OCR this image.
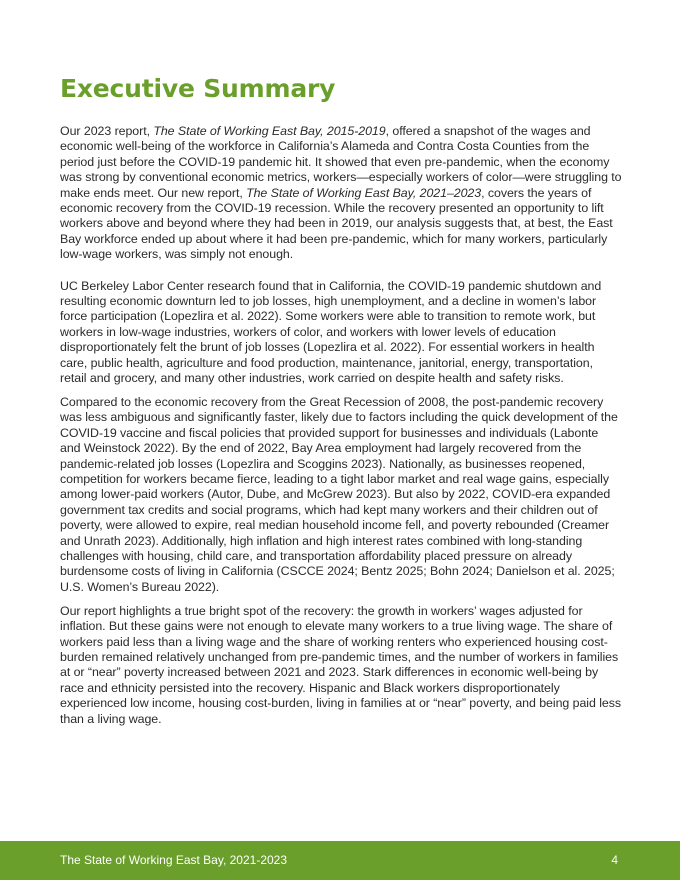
Executive Summary

Our 2023 report, The State of Working East Bay, 2015-2019, offered a snapshot of the wages and economic well-being of the workforce in California’s Alameda and Contra Costa Counties from the period just before the COVID-19 pandemic hit. It showed that even pre-pandemic, when the economy was strong by conventional economic metrics, workers—especially workers of color—were struggling to make ends meet. Our new report, The State of Working East Bay, 2021–2023, covers the years of economic recovery from the COVID-19 recession. While the recovery presented an opportunity to lift workers above and beyond where they had been in 2019, our analysis suggests that, at best, the East Bay workforce ended up about where it had been pre-pandemic, which for many workers, particularly low-wage workers, was simply not enough.

UC Berkeley Labor Center research found that in California, the COVID-19 pandemic shutdown and resulting economic downturn led to job losses, high unemployment, and a decline in women’s labor force participation (Lopezlira et al. 2022). Some workers were able to transition to remote work, but workers in low-wage industries, workers of color, and workers with lower levels of education disproportionately felt the brunt of job losses (Lopezlira et al. 2022). For essential workers in health care, public health, agriculture and food production, maintenance, janitorial, energy, transportation, retail and grocery, and many other industries, work carried on despite health and safety risks.

Compared to the economic recovery from the Great Recession of 2008, the post-pandemic recovery was less ambiguous and significantly faster, likely due to factors including the quick development of the COVID-19 vaccine and fiscal policies that provided support for businesses and individuals (Labonte and Weinstock 2022). By the end of 2022, Bay Area employment had largely recovered from the pandemic-related job losses (Lopezlira and Scoggins 2023). Nationally, as businesses reopened, competition for workers became fierce, leading to a tight labor market and real wage gains, especially among lower-paid workers (Autor, Dube, and McGrew 2023). But also by 2022, COVID-era expanded government tax credits and social programs, which had kept many workers and their children out of poverty, were allowed to expire, real median household income fell, and poverty rebounded (Creamer and Unrath 2023). Additionally, high inflation and high interest rates combined with long-standing challenges with housing, child care, and transportation affordability placed pressure on already burdensome costs of living in California (CSCCE 2024; Bentz 2025; Bohn 2024; Danielson et al. 2025; U.S. Women’s Bureau 2022).

Our report highlights a true bright spot of the recovery: the growth in workers’ wages adjusted for inflation. But these gains were not enough to elevate many workers to a true living wage. The share of workers paid less than a living wage and the share of working renters who experienced housing cost-burden remained relatively unchanged from pre-pandemic times, and the number of workers in families at or “near” poverty increased between 2021 and 2023. Stark differences in economic well-being by race and ethnicity persisted into the recovery. Hispanic and Black workers disproportionately experienced low income, housing cost-burden, living in families at or “near” poverty, and being paid less than a living wage.

The State of Working East Bay, 2021-2023	4
